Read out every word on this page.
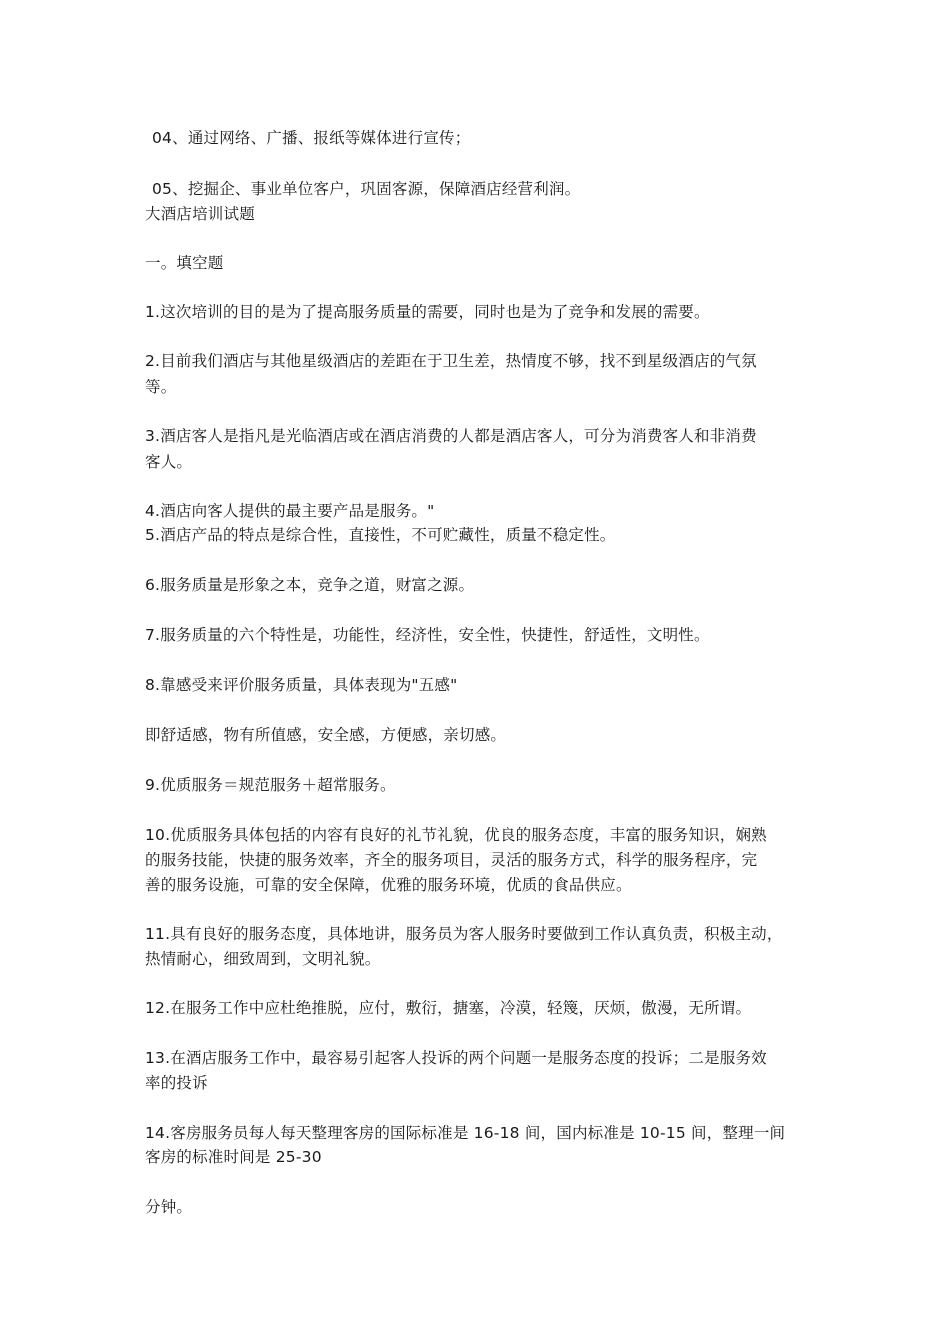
04、通过网络、广播、报纸等媒体进行宣传；
05、挖掘企、事业单位客户，巩固客源，保障酒店经营利润。
大酒店培训试题
一。填空题
1.这次培训的目的是为了提高服务质量的需要，同时也是为了竞争和发展的需要。
2.目前我们酒店与其他星级酒店的差距在于卫生差，热情度不够，找不到星级酒店的气氛
等。
3.酒店客人是指凡是光临酒店或在酒店消费的人都是酒店客人，可分为消费客人和非消费
客人。
4.酒店向客人提供的最主要产品是服务。"
5.酒店产品的特点是综合性，直接性，不可贮藏性，质量不稳定性。
6.服务质量是形象之本，竞争之道，财富之源。
7.服务质量的六个特性是，功能性，经济性，安全性，快捷性，舒适性，文明性。
8.靠感受来评价服务质量，具体表现为"五感"
即舒适感，物有所值感，安全感，方便感，亲切感。
9.优质服务＝规范服务＋超常服务。
10.优质服务具体包括的内容有良好的礼节礼貌，优良的服务态度，丰富的服务知识，娴熟
的服务技能，快捷的服务效率，齐全的服务项目，灵活的服务方式，科学的服务程序，完
善的服务设施，可靠的安全保障，优雅的服务环境，优质的食品供应。
11.具有良好的服务态度，具体地讲，服务员为客人服务时要做到工作认真负责，积极主动，
热情耐心，细致周到，文明礼貌。
12.在服务工作中应杜绝推脱，应付，敷衍，搪塞，冷漠，轻篾，厌烦，傲漫，无所谓。
13.在酒店服务工作中，最容易引起客人投诉的两个问题一是服务态度的投诉；二是服务效
率的投诉
14.客房服务员每人每天整理客房的国际标准是 16-18 间，国内标准是 10-15 间，整理一间
客房的标准时间是 25-30
分钟。
